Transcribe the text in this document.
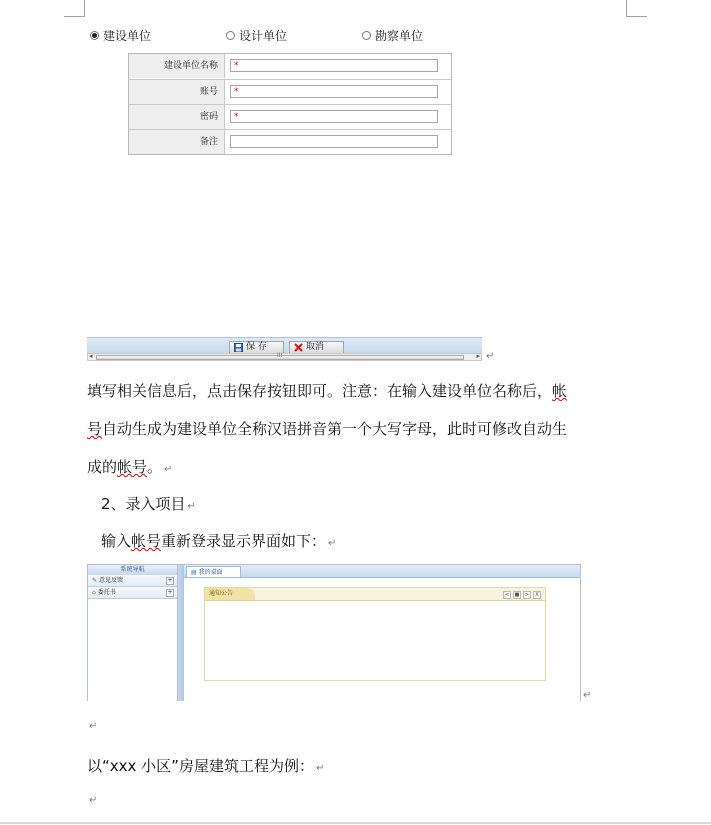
建设单位	设计单位	勘察单位
建设单位名称	*
账号	*
密码	*
备注
保 存	取消
◂	III	▸ ↵
填写相关信息后，点击保存按钮即可。注意：在输入建设单位名称后，帐
号自动生成为建设单位全称汉语拼音第一个大写字母，此时可修改自动生
成的帐号。 ↵
2、录入项目 ↵
输入帐号重新登录显示界面如下： ↵
系统导航
✎ 意见反馈	+
⌂ 委托书	+
▤ 我的桌面
通知公告	<	■	>	X
↵
↵
以“xxx 小区”房屋建筑工程为例： ↵
↵
